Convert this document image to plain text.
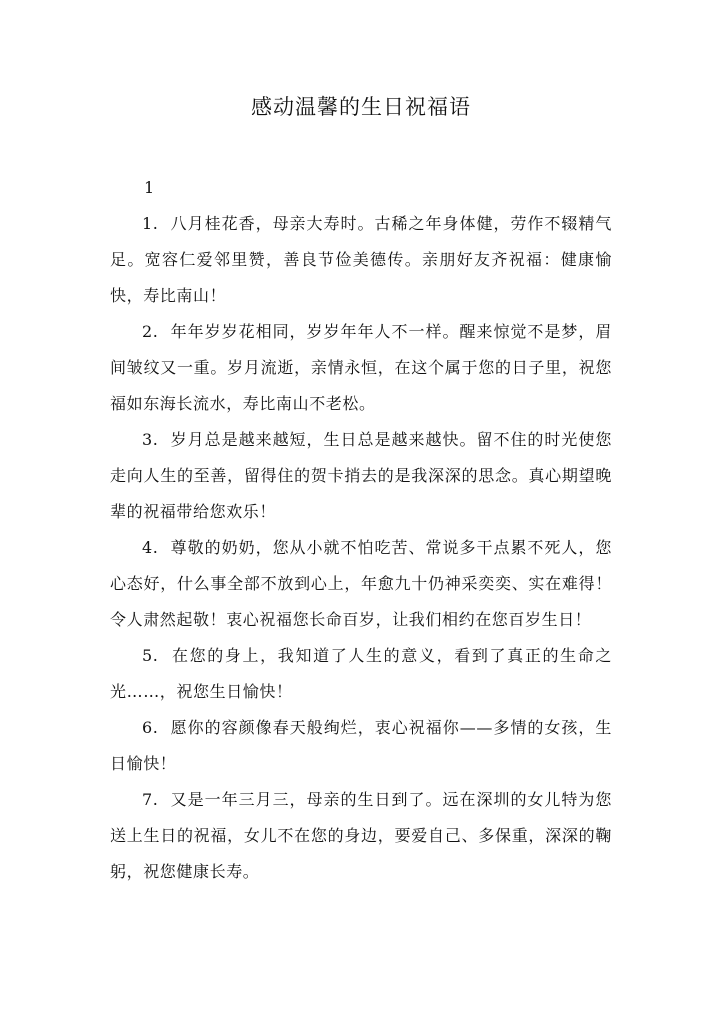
感动温馨的生日祝福语
1

1. 八月桂花香，母亲大寿时。古稀之年身体健，劳作不辍精气足。宽容仁爱邻里赞，善良节俭美德传。亲朋好友齐祝福：健康愉快，寿比南山！

2. 年年岁岁花相同，岁岁年年人不一样。醒来惊觉不是梦，眉间皱纹又一重。岁月流逝，亲情永恒，在这个属于您的日子里，祝您福如东海长流水，寿比南山不老松。

3. 岁月总是越来越短，生日总是越来越快。留不住的时光使您走向人生的至善，留得住的贺卡捎去的是我深深的思念。真心期望晚辈的祝福带给您欢乐！

4. 尊敬的奶奶，您从小就不怕吃苦、常说多干点累不死人，您心态好，什么事全部不放到心上，年愈九十仍神采奕奕、实在难得！令人肃然起敬！衷心祝福您长命百岁，让我们相约在您百岁生日！

5. 在您的身上，我知道了人生的意义，看到了真正的生命之光……，祝您生日愉快！

6. 愿你的容颜像春天般绚烂，衷心祝福你——多情的女孩，生日愉快！

7. 又是一年三月三，母亲的生日到了。远在深圳的女儿特为您送上生日的祝福，女儿不在您的身边，要爱自己、多保重，深深的鞠躬，祝您健康长寿。
